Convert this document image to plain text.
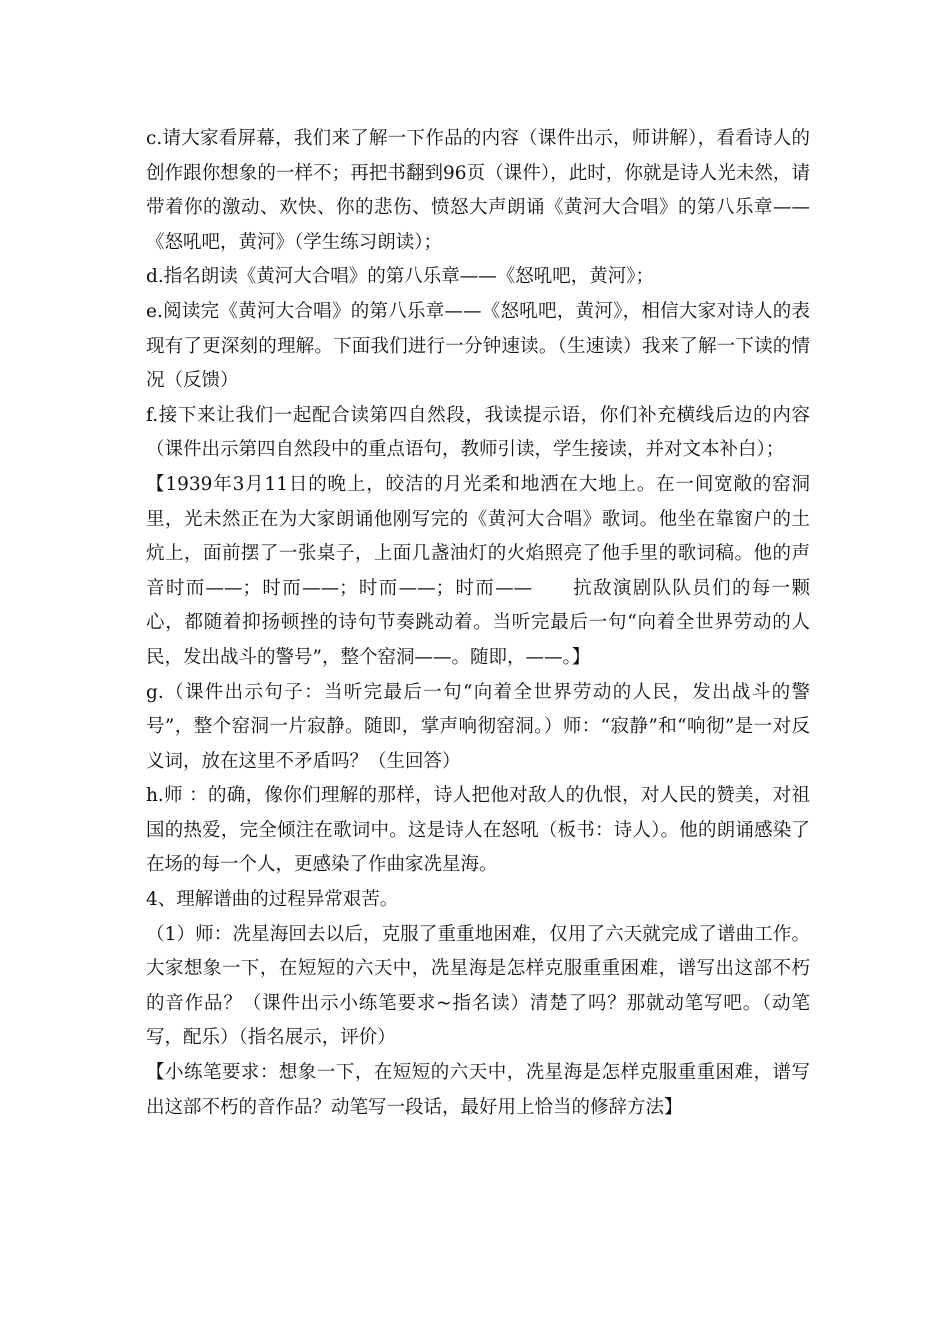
c.请大家看屏幕，我们来了解一下作品的内容（课件出示，师讲解），看看诗人的创作跟你想象的一样不；再把书翻到96页（课件），此时，你就是诗人光未然，请带着你的激动、欢快、你的悲伤、愤怒大声朗诵《黄河大合唱》的第八乐章——《怒吼吧，黄河》（学生练习朗读）；

d.指名朗读《黄河大合唱》的第八乐章——《怒吼吧，黄河》；

e.阅读完《黄河大合唱》的第八乐章——《怒吼吧，黄河》，相信大家对诗人的表现有了更深刻的理解。下面我们进行一分钟速读。（生速读）我来了解一下读的情况（反馈）

f.接下来让我们一起配合读第四自然段，我读提示语，你们补充横线后边的内容（课件出示第四自然段中的重点语句，教师引读，学生接读，并对文本补白）；

【1939年3月11日的晚上，皎洁的月光柔和地洒在大地上。在一间宽敞的窑洞里，光未然正在为大家朗诵他刚写完的《黄河大合唱》歌词。他坐在靠窗户的土炕上，面前摆了一张桌子，上面几盏油灯的火焰照亮了他手里的歌词稿。他的声音时而——；时而——；时而——；时而——　　抗敌演剧队队员们的每一颗心，都随着抑扬顿挫的诗句节奏跳动着。当听完最后一句“向着全世界劳动的人民，发出战斗的警号”，整个窑洞——。随即，——。】

g.（课件出示句子：当听完最后一句“向着全世界劳动的人民，发出战斗的警号”，整个窑洞一片寂静。随即，掌声响彻窑洞。）师：“寂静”和“响彻”是一对反义词，放在这里不矛盾吗？（生回答）

h.师 ：的确，像你们理解的那样，诗人把他对敌人的仇恨，对人民的赞美，对祖国的热爱，完全倾注在歌词中。这是诗人在怒吼（板书：诗人）。他的朗诵感染了在场的每一个人，更感染了作曲家冼星海。

4、理解谱曲的过程异常艰苦。

（1）师：冼星海回去以后，克服了重重地困难，仅用了六天就完成了谱曲工作。大家想象一下，在短短的六天中，冼星海是怎样克服重重困难，谱写出这部不朽的音作品？（课件出示小练笔要求~指名读）清楚了吗？那就动笔写吧。（动笔写，配乐）（指名展示，评价）

【小练笔要求：想象一下，在短短的六天中，冼星海是怎样克服重重困难，谱写出这部不朽的音作品？动笔写一段话，最好用上恰当的修辞方法】
